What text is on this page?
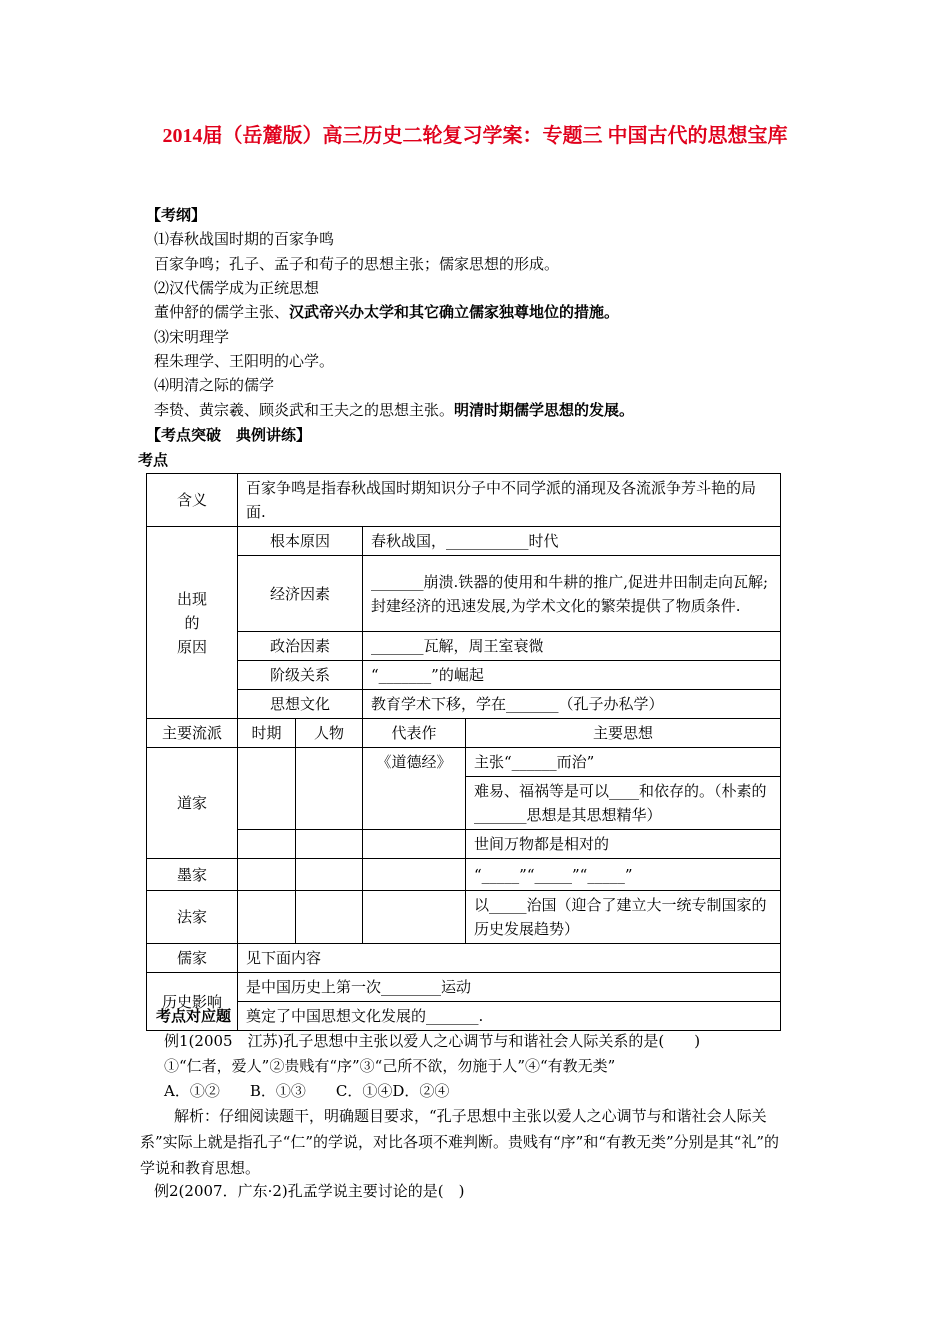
2014届（岳麓版）高三历史二轮复习学案：专题三 中国古代的思想宝库
【考纲】
⑴春秋战国时期的百家争鸣
百家争鸣；孔子、孟子和荀子的思想主张；儒家思想的形成。
⑵汉代儒学成为正统思想
董仲舒的儒学主张、汉武帝兴办太学和其它确立儒家独尊地位的措施。
⑶宋明理学
程朱理学、王阳明的心学。
⑷明清之际的儒学
李贽、黄宗羲、顾炎武和王夫之的思想主张。明清时期儒学思想的发展。
【考点突破　典例讲练】
考点
含义	百家争鸣是指春秋战国时期知识分子中不同学派的涌现及各流派争芳斗艳的局面.			

出现
的
原因	根本原因		春秋战国，___________时代	
	经济因素		_______崩溃.铁器的使用和牛耕的推广,促进井田制走向瓦解;封建经济的迅速发展,为学术文化的繁荣提供了物质条件.	
	政治因素		_______瓦解，周王室衰微	
	阶级关系		“_______”的崛起	
	思想文化		教育学术下移，学在_______（孔子办私学）	
主要流派	时期	人物	代表作	主要思想
道家			《道德经》	主张“______而治”
				难易、福祸等是可以____和依存的。（朴素的_______思想是其思想精华）
				世间万物都是相对的
墨家				“_____”“_____”“_____”
法家				以_____治国（迎合了建立大一统专制国家的历史发展趋势）
儒家	见下面内容			
历史影响	是中国历史上第一次________运动			
	奠定了中国思想文化发展的_______.			
考点对应题
例1(2005　江苏)孔子思想中主张以爱人之心调节与和谐社会人际关系的是(　　)
①“仁者，爱人”②贵贱有“序”③“己所不欲，勿施于人”④“有教无类”
A．①②　　B．①③　　C．①④D．②④
解析：仔细阅读题干，明确题目要求，“孔子思想中主张以爱人之心调节与和谐社会人际关系”实际上就是指孔子“仁”的学说，对比各项不难判断。贵贱有“序”和“有教无类”分别是其“礼”的学说和教育思想。
例2(2007．广东·2)孔孟学说主要讨论的是(　)
